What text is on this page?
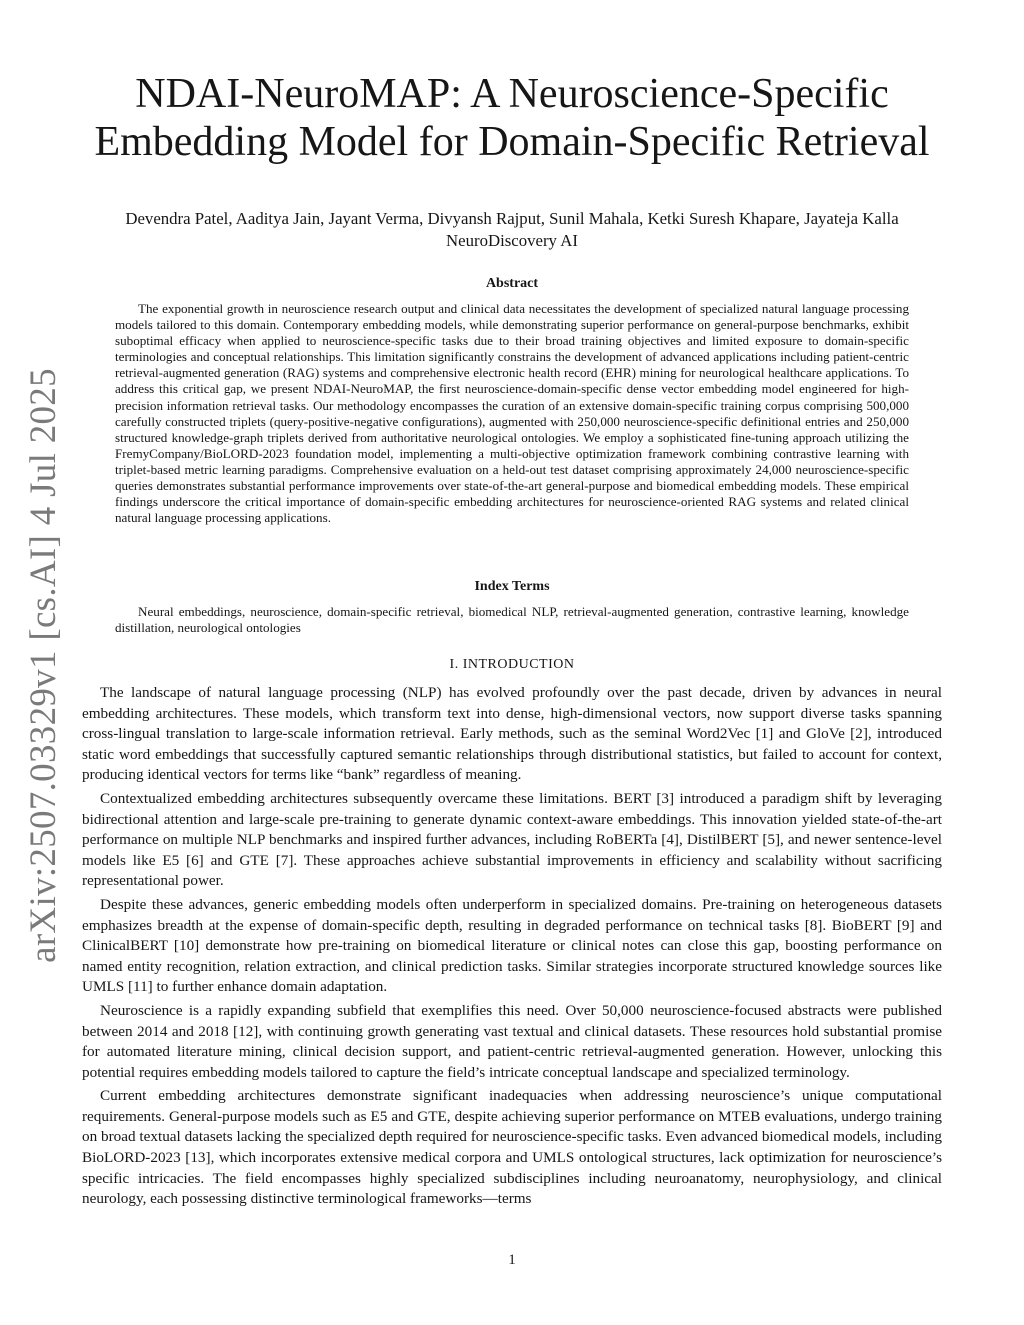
arXiv:2507.03329v1 [cs.AI] 4 Jul 2025
NDAI-NeuroMAP: A Neuroscience-Specific
Embedding Model for Domain-Specific Retrieval
Devendra Patel, Aaditya Jain, Jayant Verma, Divyansh Rajput, Sunil Mahala, Ketki Suresh Khapare, Jayateja Kalla
NeuroDiscovery AI
Abstract

The exponential growth in neuroscience research output and clinical data necessitates the development of specialized natural language processing models tailored to this domain. Contemporary embedding models, while demonstrating superior performance on general-purpose benchmarks, exhibit suboptimal efficacy when applied to neuroscience-specific tasks due to their broad training objectives and limited exposure to domain-specific terminologies and conceptual relationships. This limitation significantly constrains the development of advanced applications including patient-centric retrieval-augmented generation (RAG) systems and comprehensive electronic health record (EHR) mining for neurological healthcare applications. To address this critical gap, we present NDAI-NeuroMAP, the first neuroscience-domain-specific dense vector embedding model engineered for high-precision information retrieval tasks. Our methodology encompasses the curation of an extensive domain-specific training corpus comprising 500,000 carefully constructed triplets (query-positive-negative configurations), augmented with 250,000 neuroscience-specific definitional entries and 250,000 structured knowledge-graph triplets derived from authoritative neurological ontologies. We employ a sophisticated fine-tuning approach utilizing the FremyCompany/BioLORD-2023 foundation model, implementing a multi-objective optimization framework combining contrastive learning with triplet-based metric learning paradigms. Comprehensive evaluation on a held-out test dataset comprising approximately 24,000 neuroscience-specific queries demonstrates substantial performance improvements over state-of-the-art general-purpose and biomedical embedding models. These empirical findings underscore the critical importance of domain-specific embedding architectures for neuroscience-oriented RAG systems and related clinical natural language processing applications.

Index Terms

Neural embeddings, neuroscience, domain-specific retrieval, biomedical NLP, retrieval-augmented generation, contrastive learning, knowledge distillation, neurological ontologies

I. INTRODUCTION

The landscape of natural language processing (NLP) has evolved profoundly over the past decade, driven by advances in neural embedding architectures. These models, which transform text into dense, high-dimensional vectors, now support diverse tasks spanning cross-lingual translation to large-scale information retrieval. Early methods, such as the seminal Word2Vec [1] and GloVe [2], introduced static word embeddings that successfully captured semantic relationships through distributional statistics, but failed to account for context, producing identical vectors for terms like “bank” regardless of meaning.

Contextualized embedding architectures subsequently overcame these limitations. BERT [3] introduced a paradigm shift by leveraging bidirectional attention and large-scale pre-training to generate dynamic context-aware embeddings. This innovation yielded state-of-the-art performance on multiple NLP benchmarks and inspired further advances, including RoBERTa [4], DistilBERT [5], and newer sentence-level models like E5 [6] and GTE [7]. These approaches achieve substantial improvements in efficiency and scalability without sacrificing representational power.

Despite these advances, generic embedding models often underperform in specialized domains. Pre-training on heterogeneous datasets emphasizes breadth at the expense of domain-specific depth, resulting in degraded performance on technical tasks [8]. BioBERT [9] and ClinicalBERT [10] demonstrate how pre-training on biomedical literature or clinical notes can close this gap, boosting performance on named entity recognition, relation extraction, and clinical prediction tasks. Similar strategies incorporate structured knowledge sources like UMLS [11] to further enhance domain adaptation.

Neuroscience is a rapidly expanding subfield that exemplifies this need. Over 50,000 neuroscience-focused abstracts were published between 2014 and 2018 [12], with continuing growth generating vast textual and clinical datasets. These resources hold substantial promise for automated literature mining, clinical decision support, and patient-centric retrieval-augmented generation. However, unlocking this potential requires embedding models tailored to capture the field’s intricate conceptual landscape and specialized terminology.

Current embedding architectures demonstrate significant inadequacies when addressing neuroscience’s unique computational requirements. General-purpose models such as E5 and GTE, despite achieving superior performance on MTEB evaluations, undergo training on broad textual datasets lacking the specialized depth required for neuroscience-specific tasks. Even advanced biomedical models, including BioLORD-2023 [13], which incorporates extensive medical corpora and UMLS ontological structures, lack optimization for neuroscience’s specific intricacies. The field encompasses highly specialized subdisciplines including neuroanatomy, neurophysiology, and clinical neurology, each possessing distinctive terminological frameworks—terms

1
